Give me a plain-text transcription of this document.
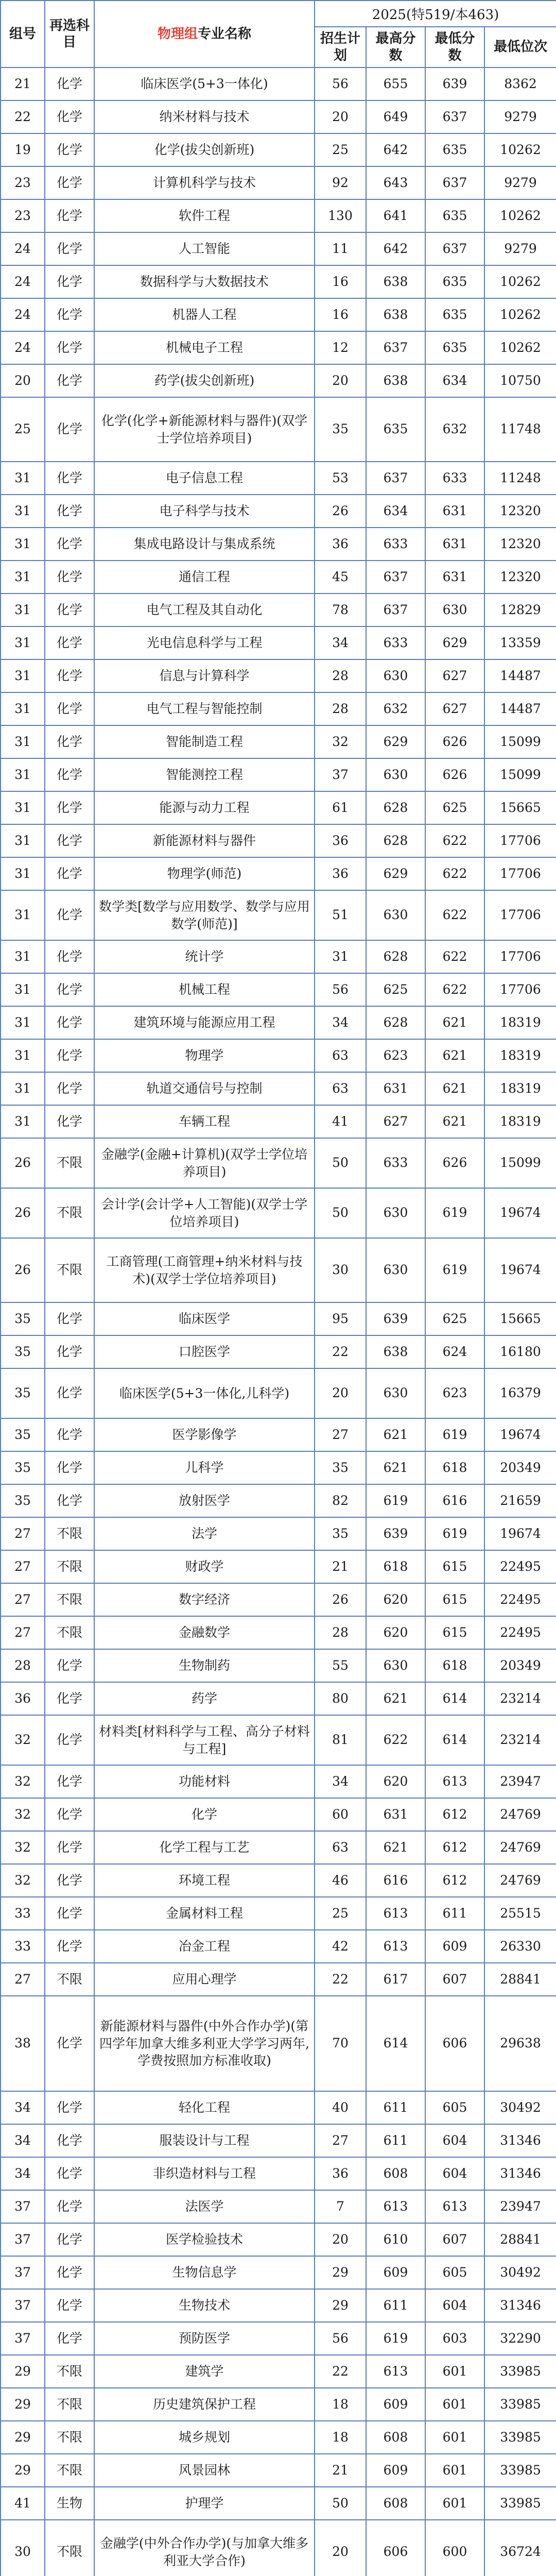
组号	再选科目	物理组专业名称	2025(特519/本463)			
			招生计划	最高分数	最低分数	最低位次
21	化学	临床医学(5+3一体化)	56	655	639	8362
22	化学	纳米材料与技术	20	649	637	9279
19	化学	化学(拔尖创新班)	25	642	635	10262
23	化学	计算机科学与技术	92	643	637	9279
23	化学	软件工程	130	641	635	10262
24	化学	人工智能	11	642	637	9279
24	化学	数据科学与大数据技术	16	638	635	10262
24	化学	机器人工程	16	638	635	10262
24	化学	机械电子工程	12	637	635	10262
20	化学	药学(拔尖创新班)	20	638	634	10750
25	化学	化学(化学+新能源材料与器件)(双学士学位培养项目)	35	635	632	11748
31	化学	电子信息工程	53	637	633	11248
31	化学	电子科学与技术	26	634	631	12320
31	化学	集成电路设计与集成系统	36	633	631	12320
31	化学	通信工程	45	637	631	12320
31	化学	电气工程及其自动化	78	637	630	12829
31	化学	光电信息科学与工程	34	633	629	13359
31	化学	信息与计算科学	28	630	627	14487
31	化学	电气工程与智能控制	28	632	627	14487
31	化学	智能制造工程	32	629	626	15099
31	化学	智能测控工程	37	630	626	15099
31	化学	能源与动力工程	61	628	625	15665
31	化学	新能源材料与器件	36	628	622	17706
31	化学	物理学(师范)	36	629	622	17706
31	化学	数学类[数学与应用数学、数学与应用数学(师范)]	51	630	622	17706
31	化学	统计学	31	628	622	17706
31	化学	机械工程	56	625	622	17706
31	化学	建筑环境与能源应用工程	34	628	621	18319
31	化学	物理学	63	623	621	18319
31	化学	轨道交通信号与控制	63	631	621	18319
31	化学	车辆工程	41	627	621	18319
26	不限	金融学(金融+计算机)(双学士学位培养项目)	50	633	626	15099
26	不限	会计学(会计学+人工智能)(双学士学位培养项目)	50	630	619	19674
26	不限	工商管理(工商管理+纳米材料与技术)(双学士学位培养项目)	30	630	619	19674
35	化学	临床医学	95	639	625	15665
35	化学	口腔医学	22	638	624	16180
35	化学	临床医学(5+3一体化,儿科学)	20	630	623	16379
35	化学	医学影像学	27	621	619	19674
35	化学	儿科学	35	621	618	20349
35	化学	放射医学	82	619	616	21659
27	不限	法学	35	639	619	19674
27	不限	财政学	21	618	615	22495
27	不限	数字经济	26	620	615	22495
27	不限	金融数学	28	620	615	22495
28	化学	生物制药	55	630	618	20349
36	化学	药学	80	621	614	23214
32	化学	材料类[材料科学与工程、高分子材料与工程]	81	622	614	23214
32	化学	功能材料	34	620	613	23947
32	化学	化学	60	631	612	24769
32	化学	化学工程与工艺	63	621	612	24769
32	化学	环境工程	46	616	612	24769
33	化学	金属材料工程	25	613	611	25515
33	化学	冶金工程	42	613	609	26330
27	不限	应用心理学	22	617	607	28841
38	化学	新能源材料与器件(中外合作办学)(第四学年加拿大维多利亚大学学习两年,学费按照加方标准收取)	70	614	606	29638
34	化学	轻化工程	40	611	605	30492
34	化学	服装设计与工程	27	611	604	31346
34	化学	非织造材料与工程	36	608	604	31346
37	化学	法医学	7	613	613	23947
37	化学	医学检验技术	20	610	607	28841
37	化学	生物信息学	29	609	605	30492
37	化学	生物技术	29	611	604	31346
37	化学	预防医学	56	619	603	32290
29	不限	建筑学	22	613	601	33985
29	不限	历史建筑保护工程	18	609	601	33985
29	不限	城乡规划	18	608	601	33985
29	不限	风景园林	21	609	601	33985
41	生物	护理学	50	608	601	33985
30	不限	金融学(中外合作办学)(与加拿大维多利亚大学合作)	20	606	600	36724
